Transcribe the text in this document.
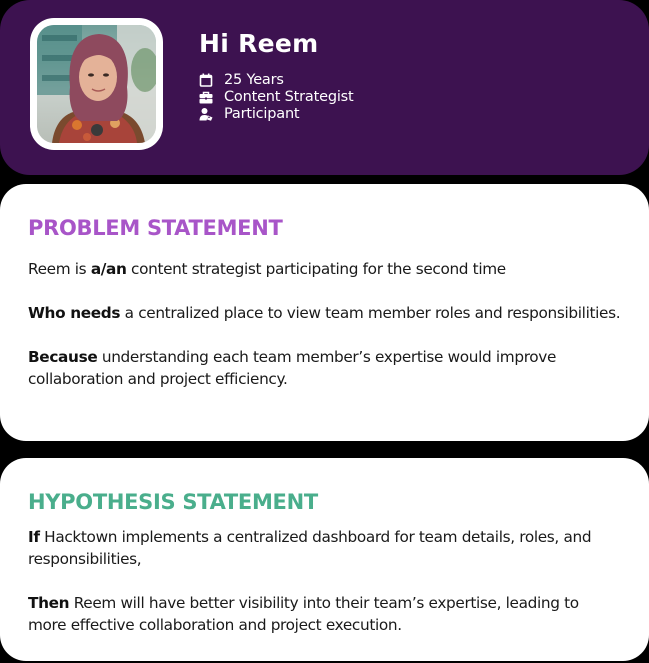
Hi Reem
25 Years
Content Strategist
Participant
PROBLEM STATEMENT

Reem is a/an content strategist participating for the second time

Who needs a centralized place to view team member roles and responsibilities.

Because understanding each team member’s expertise would improve collaboration and project efficiency.

HYPOTHESIS STATEMENT

If Hacktown implements a centralized dashboard for team details, roles, and responsibilities,

Then Reem will have better visibility into their team’s expertise, leading to more effective collaboration and project execution.
